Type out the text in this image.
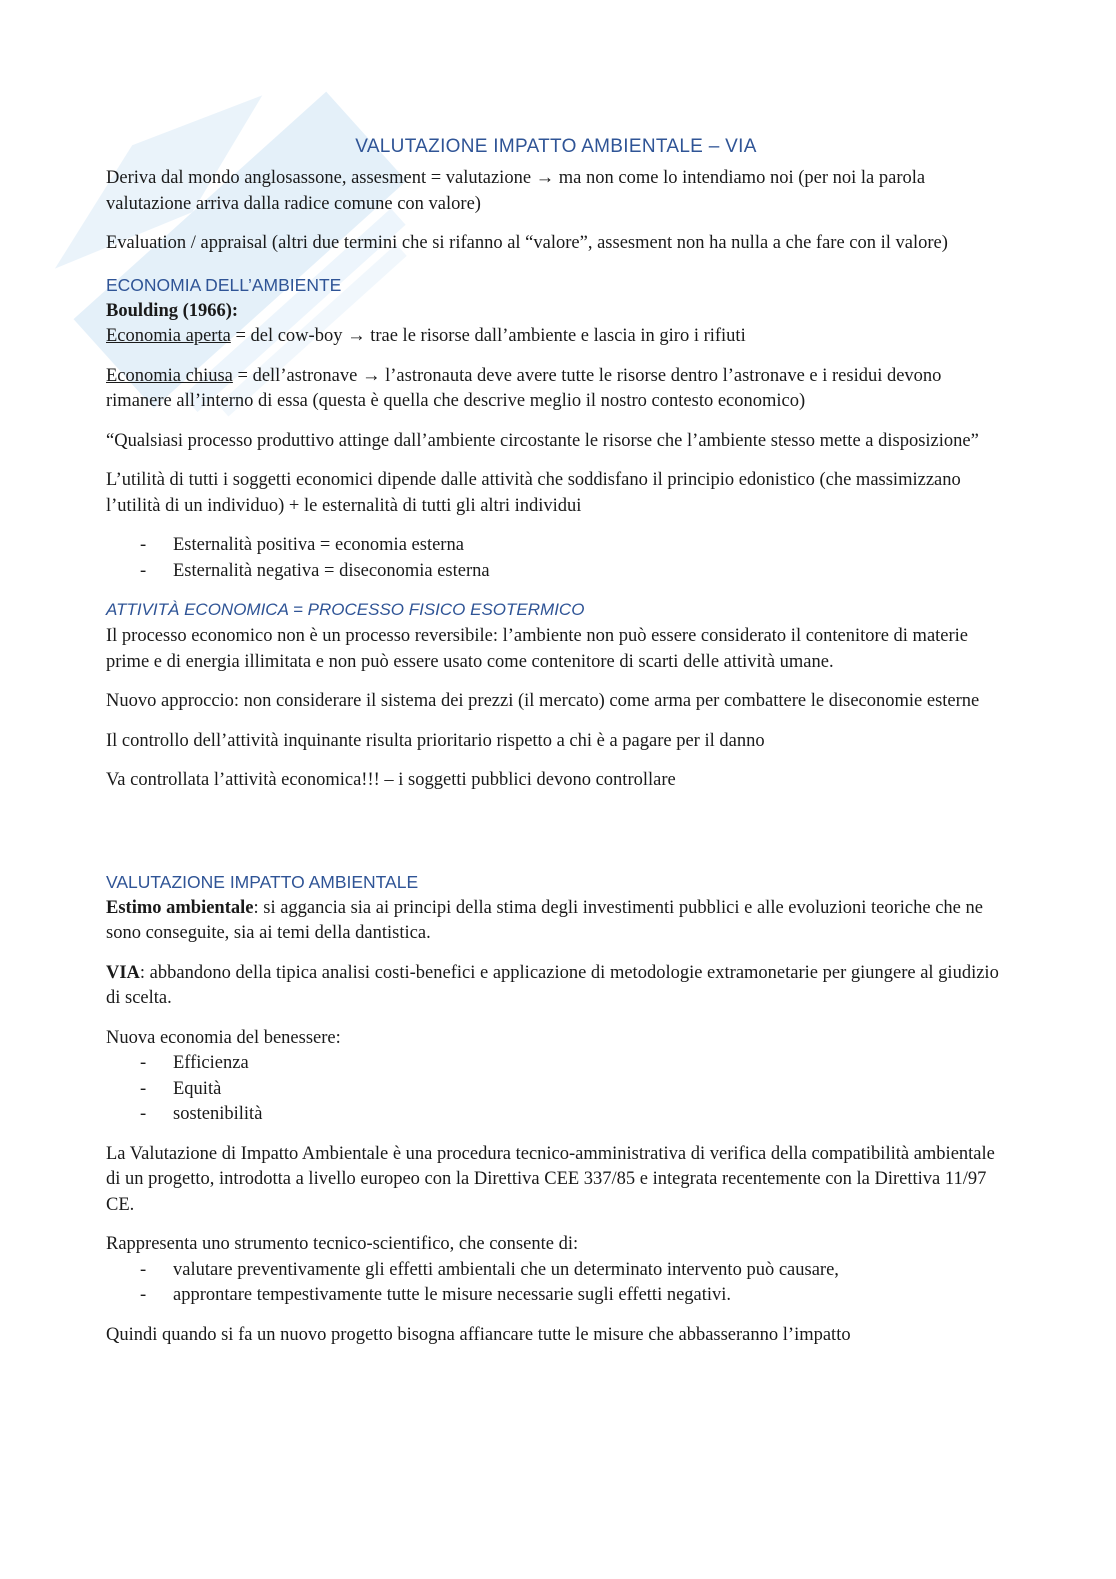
VALUTAZIONE IMPATTO AMBIENTALE – VIA

Deriva dal mondo anglosassone, assesment = valutazione → ma non come lo intendiamo noi (per noi la parola valutazione arriva dalla radice comune con valore)

Evaluation / appraisal (altri due termini che si rifanno al “valore”, assesment non ha nulla a che fare con il valore)

ECONOMIA DELL’AMBIENTE

Boulding (1966):

Economia aperta = del cow-boy → trae le risorse dall’ambiente e lascia in giro i rifiuti

Economia chiusa = dell’astronave → l’astronauta deve avere tutte le risorse dentro l’astronave e i residui devono rimanere all’interno di essa (questa è quella che descrive meglio il nostro contesto economico)

“Qualsiasi processo produttivo attinge dall’ambiente circostante le risorse che l’ambiente stesso mette a disposizione”

L’utilità di tutti i soggetti economici dipende dalle attività che soddisfano il principio edonistico (che massimizzano l’utilità di un individuo) + le esternalità di tutti gli altri individui

- Esternalità positiva = economia esterna
- Esternalità negativa = diseconomia esterna
ATTIVITÀ ECONOMICA = PROCESSO FISICO ESOTERMICO

Il processo economico non è un processo reversibile: l’ambiente non può essere considerato il contenitore di materie prime e di energia illimitata e non può essere usato come contenitore di scarti delle attività umane.

Nuovo approccio: non considerare il sistema dei prezzi (il mercato) come arma per combattere le diseconomie esterne

Il controllo dell’attività inquinante risulta prioritario rispetto a chi è a pagare per il danno

Va controllata l’attività economica!!! – i soggetti pubblici devono controllare

VALUTAZIONE IMPATTO AMBIENTALE

Estimo ambientale: si aggancia sia ai principi della stima degli investimenti pubblici e alle evoluzioni teoriche che ne sono conseguite, sia ai temi della dantistica.

VIA: abbandono della tipica analisi costi-benefici e applicazione di metodologie extramonetarie per giungere al giudizio di scelta.

Nuova economia del benessere:

- Efficienza
- Equità
- sostenibilità

La Valutazione di Impatto Ambientale è una procedura tecnico-amministrativa di verifica della compatibilità ambientale di un progetto, introdotta a livello europeo con la Direttiva CEE 337/85 e integrata recentemente con la Direttiva 11/97 CE.

Rappresenta uno strumento tecnico-scientifico, che consente di:

- valutare preventivamente gli effetti ambientali che un determinato intervento può causare,
- approntare tempestivamente tutte le misure necessarie sugli effetti negativi.

Quindi quando si fa un nuovo progetto bisogna affiancare tutte le misure che abbasseranno l’impatto
